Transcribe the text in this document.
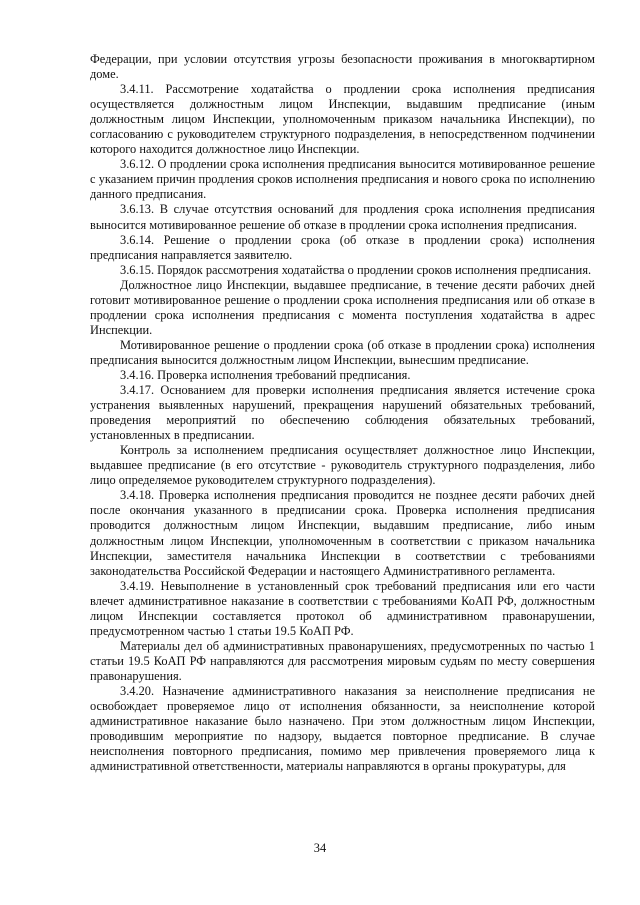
Федерации, при условии отсутствия угрозы безопасности проживания в многоквартирном доме.

3.4.11. Рассмотрение ходатайства о продлении срока исполнения предписания осуществляется должностным лицом Инспекции, выдавшим предписание (иным должностным лицом Инспекции, уполномоченным приказом начальника Инспекции), по согласованию с руководителем структурного подразделения, в непосредственном подчинении которого находится должностное лицо Инспекции.

3.6.12. О продлении срока исполнения предписания выносится мотивированное решение с указанием причин продления сроков исполнения предписания и нового срока по исполнению данного предписания.

3.6.13. В случае отсутствия оснований для продления срока исполнения предписания выносится мотивированное решение об отказе в продлении срока исполнения предписания.

3.6.14. Решение о продлении срока (об отказе в продлении срока) исполнения предписания направляется заявителю.

3.6.15. Порядок рассмотрения ходатайства о продлении сроков исполнения предписания.

Должностное лицо Инспекции, выдавшее предписание, в течение десяти рабочих дней готовит мотивированное решение о продлении срока исполнения предписания или об отказе в продлении срока исполнения предписания с момента поступления ходатайства в адрес Инспекции.

Мотивированное решение о продлении срока (об отказе в продлении срока) исполнения предписания выносится должностным лицом Инспекции, вынесшим предписание.

3.4.16. Проверка исполнения требований предписания.

3.4.17. Основанием для проверки исполнения предписания является истечение срока устранения выявленных нарушений, прекращения нарушений обязательных требований, проведения мероприятий по обеспечению соблюдения обязательных требований, установленных в предписании.

Контроль за исполнением предписания осуществляет должностное лицо Инспекции, выдавшее предписание (в его отсутствие - руководитель структурного подразделения, либо лицо определяемое руководителем структурного подразделения).

3.4.18. Проверка исполнения предписания проводится не позднее десяти рабочих дней после окончания указанного в предписании срока. Проверка исполнения предписания проводится должностным лицом Инспекции, выдавшим предписание, либо иным должностным лицом Инспекции, уполномоченным в соответствии с приказом начальника Инспекции, заместителя начальника Инспекции в соответствии с требованиями законодательства Российской Федерации и настоящего Административного регламента.

3.4.19. Невыполнение в установленный срок требований предписания или его части влечет административное наказание в соответствии с требованиями КоАП РФ, должностным лицом Инспекции составляется протокол об административном правонарушении, предусмотренном частью 1 статьи 19.5 КоАП РФ.

Материалы дел об административных правонарушениях, предусмотренных по частью 1 статьи 19.5 КоАП РФ направляются для рассмотрения мировым судьям по месту совершения правонарушения.

3.4.20. Назначение административного наказания за неисполнение предписания не освобождает проверяемое лицо от исполнения обязанности, за неисполнение которой административное наказание было назначено. При этом должностным лицом Инспекции, проводившим мероприятие по надзору, выдается повторное предписание. В случае неисполнения повторного предписания, помимо мер привлечения проверяемого лица к административной ответственности, материалы направляются в органы прокуратуры, для

34
